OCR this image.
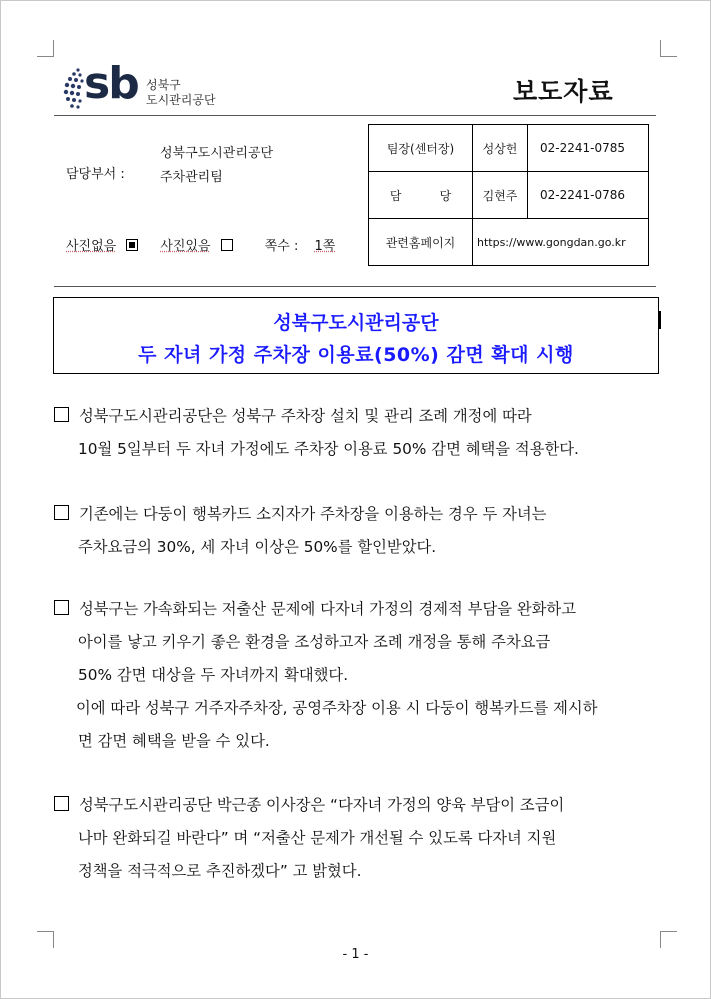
sb 성북구
도시관리공단	보도자료
담당부서 :
성북구도시관리공단
주차관리팀
사진없음	사진있음	쪽수 : 1쪽
팀장(센터장)	성상헌	02-2241-0785
담          당	김현주	02-2241-0786
관련홈페이지	https://www.gongdan.go.kr	
성북구도시관리공단
두 자녀 가정 주차장 이용료(50%) 감면 확대 시행
성북구도시관리공단은 성북구 주차장 설치 및 관리 조례 개정에 따라
10월 5일부터 두 자녀 가정에도 주차장 이용료 50% 감면 혜택을 적용한다.
기존에는 다둥이 행복카드 소지자가 주차장을 이용하는 경우 두 자녀는
주차요금의 30%, 세 자녀 이상은 50%를 할인받았다.
성북구는 가속화되는 저출산 문제에 다자녀 가정의 경제적 부담을 완화하고
아이를 낳고 키우기 좋은 환경을 조성하고자 조례 개정을 통해 주차요금
50% 감면 대상을 두 자녀까지 확대했다.
이에 따라 성북구 거주자주차장, 공영주차장 이용 시 다둥이 행복카드를 제시하
면 감면 혜택을 받을 수 있다.
성북구도시관리공단 박근종 이사장은 “다자녀 가정의 양육 부담이 조금이
나마 완화되길 바란다” 며 “저출산 문제가 개선될 수 있도록 다자녀 지원
정책을 적극적으로 추진하겠다” 고 밝혔다.
- 1 -
